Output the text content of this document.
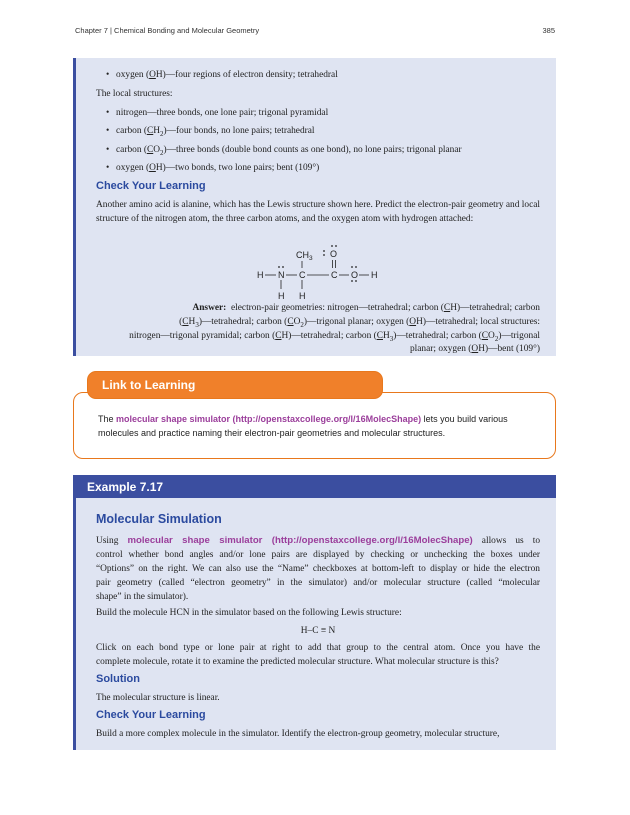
Chapter 7 | Chemical Bonding and Molecular Geometry	385
• oxygen (OH)—four regions of electron density; tetrahedral
The local structures:
• nitrogen—three bonds, one lone pair; trigonal pyramidal
• carbon $(CH_2)—four$ bonds, no lone pairs; tetrahedral
• carbon $(CO_2)—three$ bonds (double bond counts as one bond), no lone pairs; trigonal planar
• oxygen (OH)—two bonds, two lone pairs; bent (109°)
Check Your Learning
Another amino acid is alanine, which has the Lewis structure shown here. Predict the electron-pair geometry and local structure of the nitrogen atom, the three carbon atoms, and the oxygen atom with hydrogen attached:
$CH_3$ O
H N C	C O H
H H
Answer: electron-pair geometries: nitrogen—tetrahedral; carbon (CH)—tetrahedral; carbon
$(CH_3)—tetrahedral$; carbon $(CO_2)—trigonal$ planar; oxygen (OH)—tetrahedral; local structures:
nitrogen—trigonal pyramidal; carbon (CH)—tetrahedral; carbon $(CH_3)—tetrahedral$; carbon $(CO_2)—trigonal$
planar; oxygen (OH)—bent (109°)
Link to Learning
The molecular shape simulator (http://openstaxcollege.org/l/16MolecShape) lets you build various
molecules and practice naming their electron-pair geometries and molecular structures.
Example 7.17
Molecular Simulation
Using molecular shape simulator (http://openstaxcollege.org/l/16MolecShape) allows us to
control whether bond angles and/or lone pairs are displayed by checking or unchecking the boxes under
“Options” on the right. We can also use the “Name” checkboxes at bottom-left to display or hide the electron
pair geometry (called “electron geometry” in the simulator) and/or molecular structure (called “molecular
shape” in the simulator).
Build the molecule HCN in the simulator based on the following Lewis structure:
H–C ≡ N
Click on each bond type or lone pair at right to add that group to the central atom. Once you have the
complete molecule, rotate it to examine the predicted molecular structure. What molecular structure is this?
Solution
The molecular structure is linear.
Check Your Learning
Build a more complex molecule in the simulator. Identify the electron-group geometry, molecular structure,
